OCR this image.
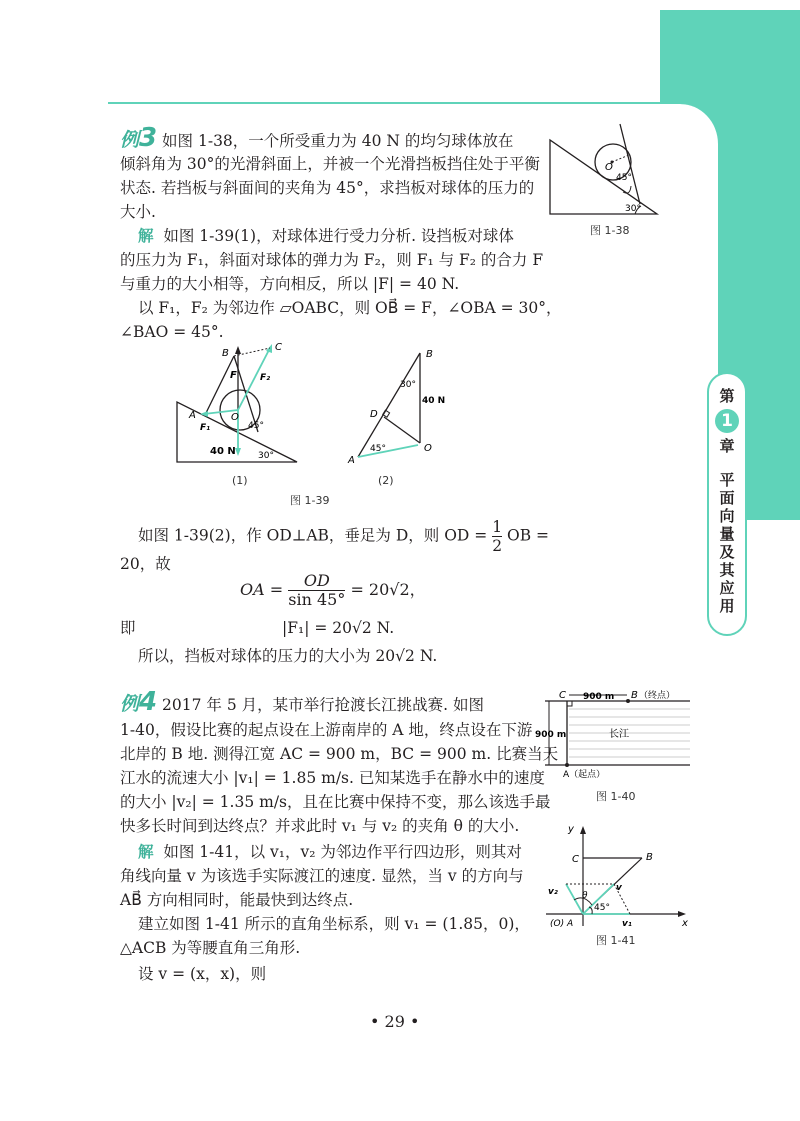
第
1
章
平面向量及其应用
例3 如图 1-38，一个所受重力为 40 N 的均匀球体放在
倾斜角为 30°的光滑斜面上，并被一个光滑挡板挡住处于平衡
状态. 若挡板与斜面间的夹角为 45°，求挡板对球体的压力的
大小.
解 如图 1-39(1)，对球体进行受力分析. 设挡板对球体
的压力为 F₁，斜面对球体的弹力为 F₂，则 F₁ 与 F₂ 的合力 F
与重力的大小相等，方向相反，所以 |F| = 40 N.
以 F₁，F₂ 为邻边作 ▱OABC，则 OB⃗ = F，∠OBA = 30°，
∠BAO = 45°.
O
45°
30°
图 1-38
B
C
A	O
F
F₁
F₂
40 N
45°
30°
(1)
B
A
O
D
30°
40 N
45°
(2)
图 1-39
如图 1-39(2)，作 OD⊥AB，垂足为 D，则 OD = $\frac{1}{2}$ OB =
20，故
OA = $\frac{OD}{\sin 45^\circ} = 20√2$，
即	|F₁| = 20√2 N.
所以，挡板对球体的压力的大小为 20√2 N.
例4 2017 年 5 月，某市举行抢渡长江挑战赛. 如图
1-40，假设比赛的起点设在上游南岸的 A 地，终点设在下游
北岸的 B 地. 测得江宽 AC = 900 m，BC = 900 m. 比赛当天
江水的流速大小 |v₁| = 1.85 m/s. 已知某选手在静水中的速度
的大小 |v₂| = 1.35 m/s，且在比赛中保持不变，那么该选手最
快多长时间到达终点？并求此时 v₁ 与 v₂ 的夹角 θ 的大小.
解 如图 1-41，以 v₁，v₂ 为邻边作平行四边形，则其对
角线向量 v 为该选手实际渡江的速度. 显然，当 v 的方向与
AB⃗ 方向相同时，能最快到达终点.
建立如图 1-41 所示的直角坐标系，则 v₁ = (1.85，0)，
△ACB 为等腰直角三角形.
设 v = (x，x)，则
C 900 m B （终点）
900 m	长江
A（起点）
图 1-40
y
x
C	B
v₂	v
θ
45°
(O) A	v₁
图 1-41
• 29 •
